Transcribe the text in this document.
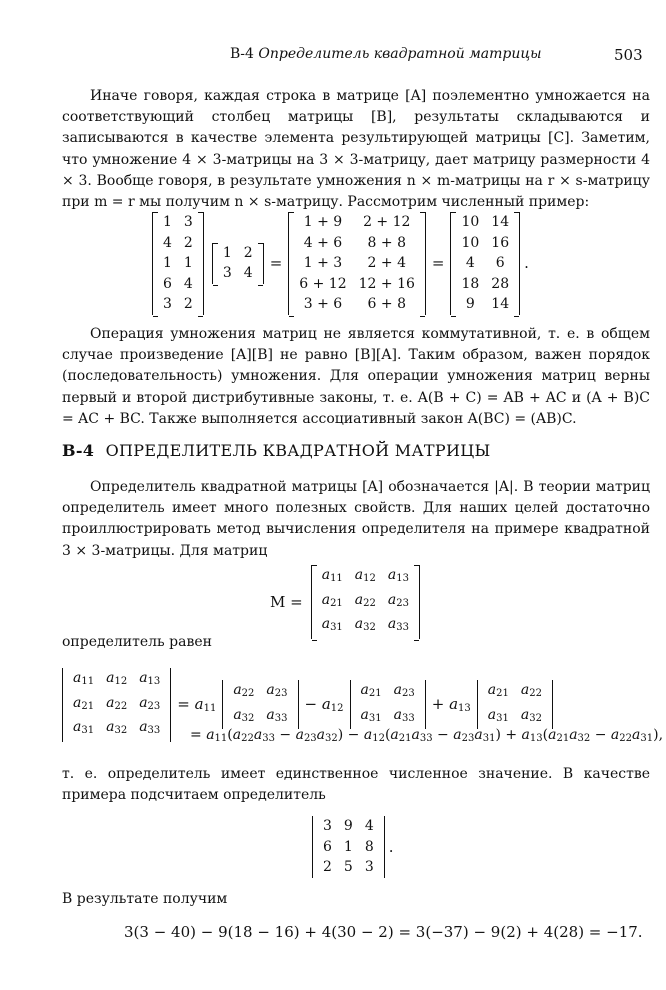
В-4 Определитель квадратной матрицы	503

Иначе говоря, каждая строка в матрице [A] поэлементно умножается на соответствующий столбец матрицы [B], результаты складываются и записываются в качестве элемента результирующей матрицы [C]. Заметим, что умножение 4 × 3-матрицы на 3 × 3-матрицу, дает матрицу размерности 4 × 3. Вообще говоря, в результате умножения n × m-матрицы на r × s-матрицу при m = r мы получим n × s-матрицу. Рассмотрим численный пример:

1	3
4	2
1	1
6	4
3	2
1	2
3	4
=
1 + 9	2 + 12
4 + 6	8 + 8
1 + 3	2 + 4
6 + 12	12 + 16
3 + 6	6 + 8
=
10	14
10	16
4	6
18	28
9	14
.

Операция умножения матриц не является коммутативной, т. е. в общем случае произведение [A][B] не равно [B][A]. Таким образом, важен порядок (последовательность) умножения. Для операции умножения матриц верны первый и второй дистрибутивные законы, т. е. A(B + C) = AB + AC и (A + B)C = AC + BC. Также выполняется ассоциативный закон A(BC) = (AB)C.

В-4 ОПРЕДЕЛИТЕЛЬ КВАДРАТНОЙ МАТРИЦЫ

Определитель квадратной матрицы [A] обозначается |A|. В теории матриц определитель имеет много полезных свойств. Для наших целей достаточно проиллюстрировать метод вычисления определителя на примере квадратной 3 × 3-матрицы. Для матриц

M =
$a_{11}$	$a_{12}$	$a_{13}$
$a_{21}$	$a_{22}$	$a_{23}$
$a_{31}$	$a_{32}$	$a_{33}$

определитель равен

$a_{11}$	$a_{12}$	$a_{13}$
$a_{21}$	$a_{22}$	$a_{23}$
$a_{31}$	$a_{32}$	$a_{33}$
= $a_{11}$
$a_{22}$	$a_{23}$
$a_{32}$	$a_{33}$
− $a_{12}$
$a_{21}$	$a_{23}$
$a_{31}$	$a_{33}$
+ $a_{13}$
$a_{21}$	$a_{22}$
$a_{31}$	$a_{32}$
= $a_{11}(a_{22}a_{33} - a_{23}a_{32}) - a_{12}(a_{21}a_{33} - a_{23}a_{31}) + a_{13}(a_{21}a_{32} - a_{22}a_{31})$,

т. е. определитель имеет единственное численное значение. В качестве примера подсчитаем определитель

3	9	4
6	1	8
2	5	3
.

В результате получим

3(3 − 40) − 9(18 − 16) + 4(30 − 2) = 3(−37) − 9(2) + 4(28) = −17.
